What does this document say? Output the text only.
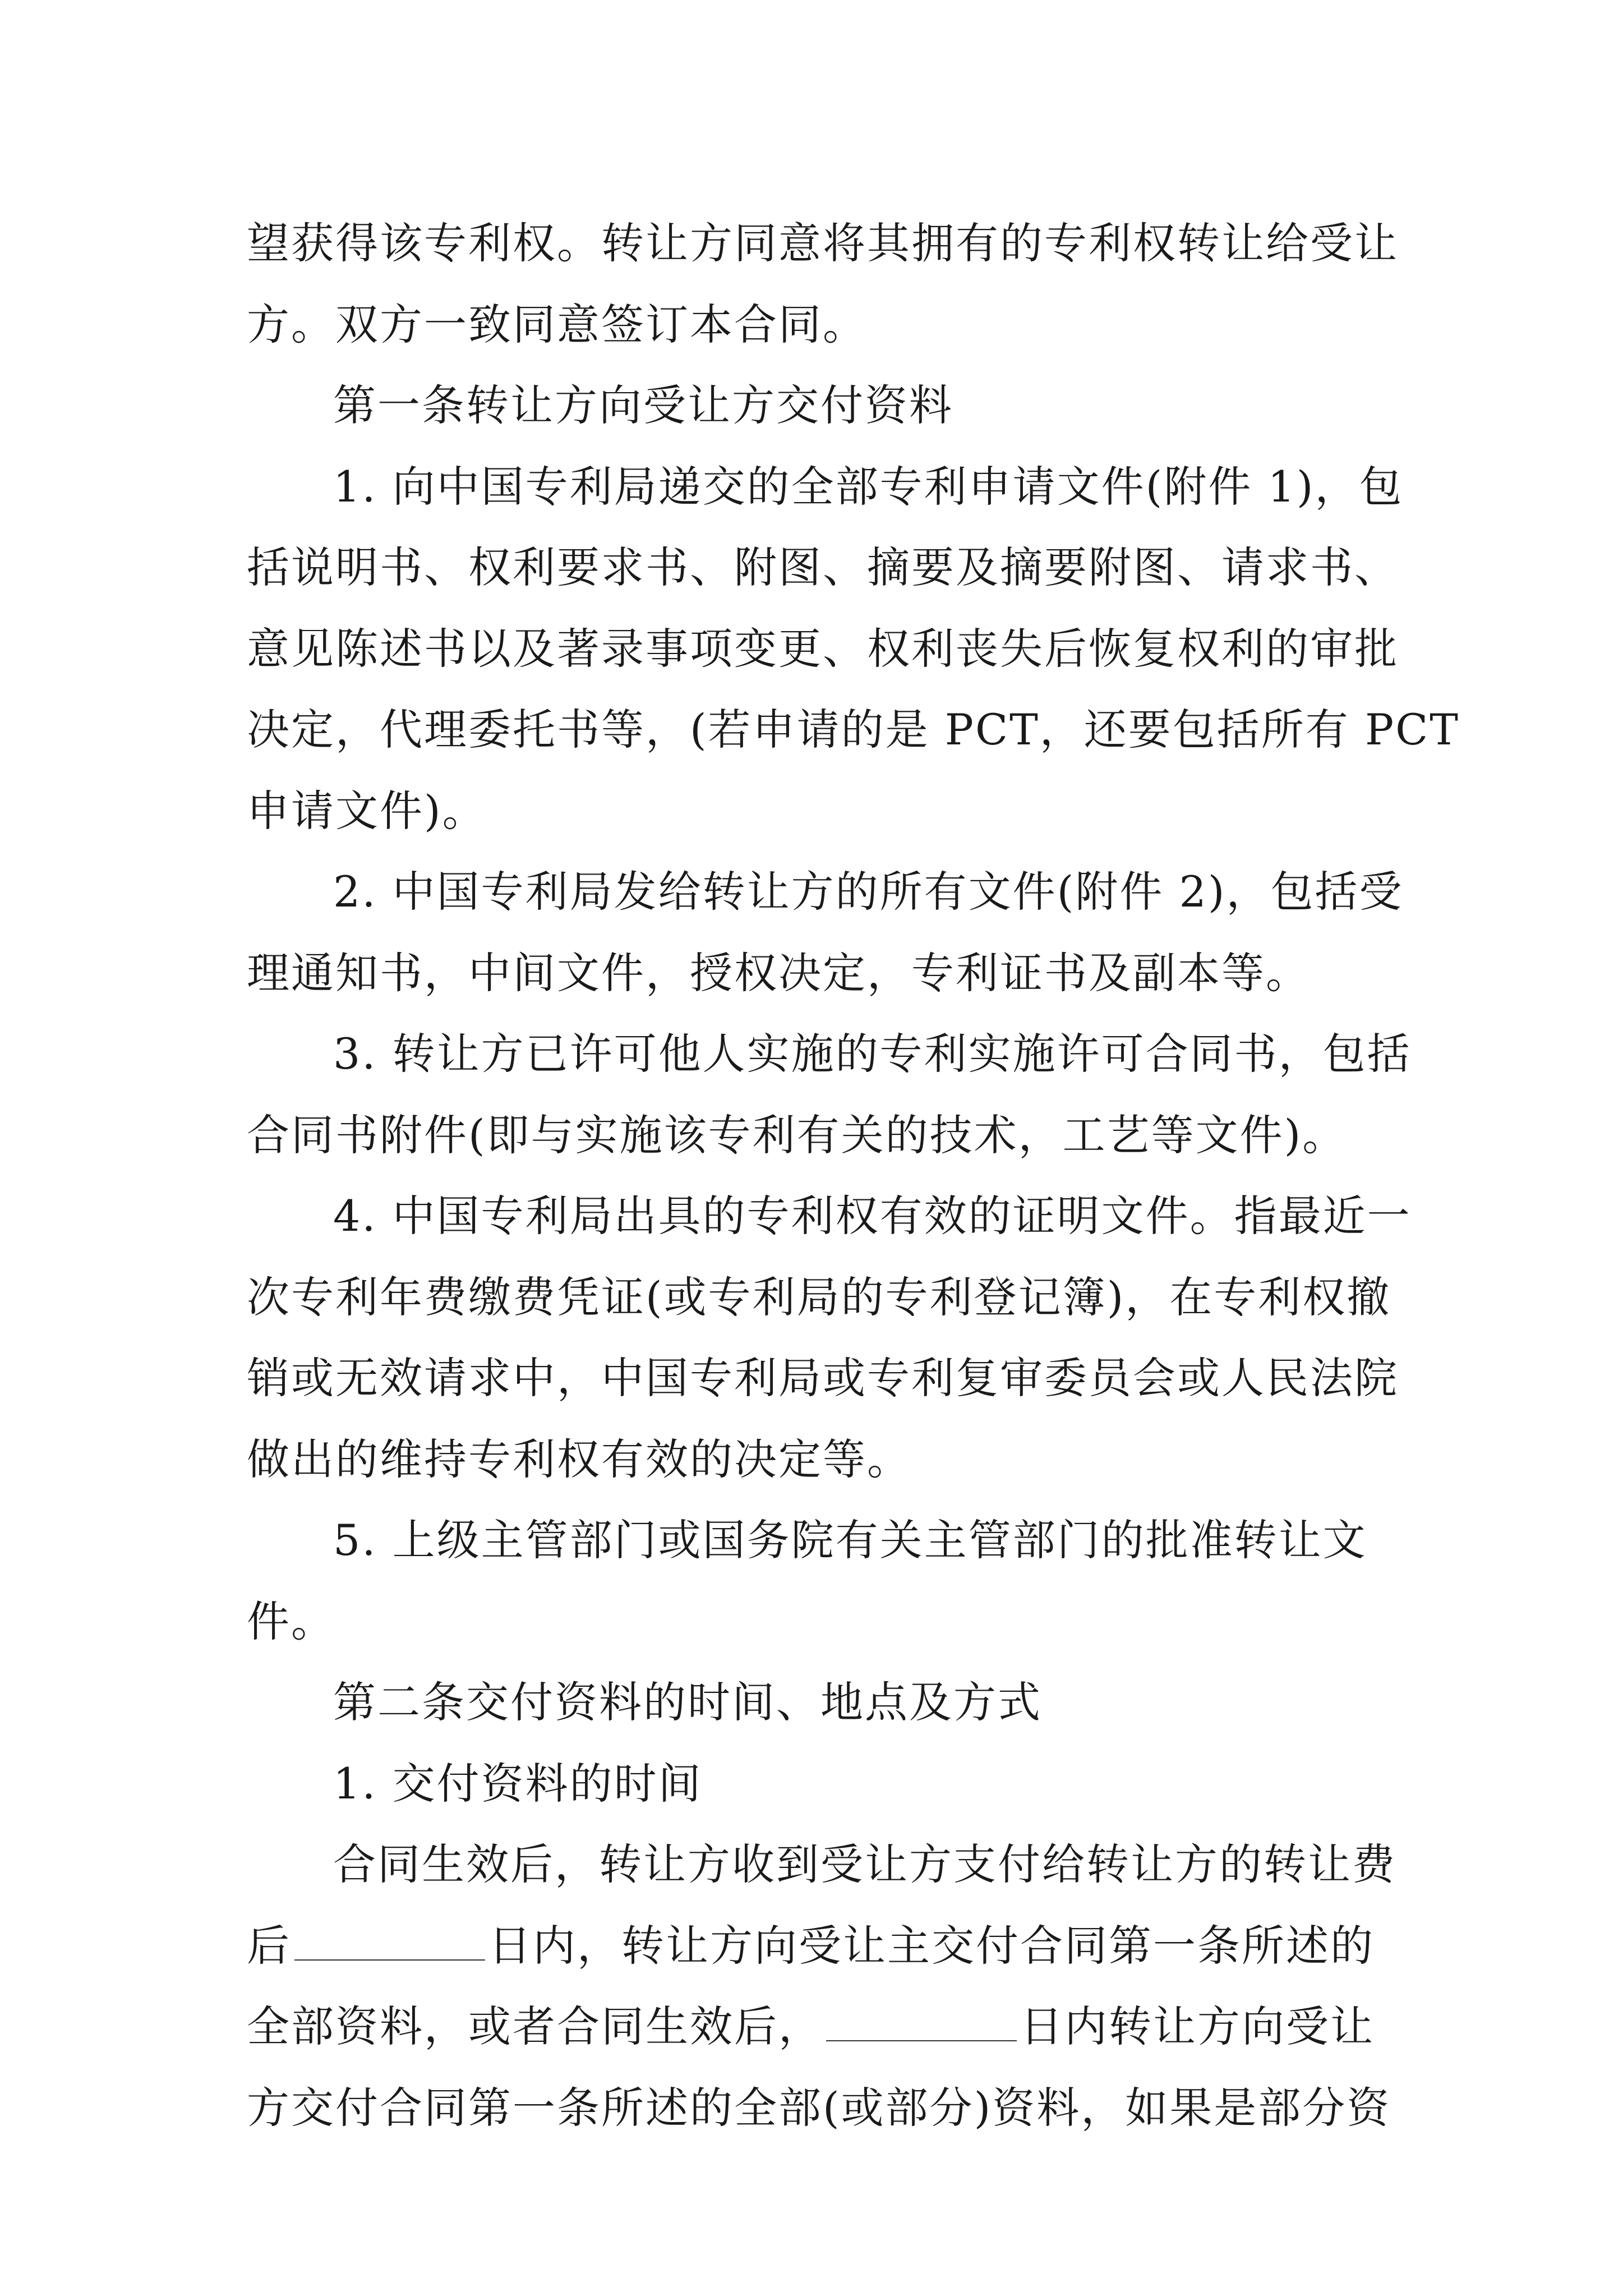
望获得该专利权。转让方同意将其拥有的专利权转让给受让
方。双方一致同意签订本合同。
第一条转让方向受让方交付资料
1. 向中国专利局递交的全部专利申请文件(附件 1)，包
括说明书、权利要求书、附图、摘要及摘要附图、请求书、
意见陈述书以及著录事项变更、权利丧失后恢复权利的审批
决定，代理委托书等，(若申请的是 PCT，还要包括所有 PCT
申请文件)。
2. 中国专利局发给转让方的所有文件(附件 2)，包括受
理通知书，中间文件，授权决定，专利证书及副本等。
3. 转让方已许可他人实施的专利实施许可合同书，包括
合同书附件(即与实施该专利有关的技术，工艺等文件)。
4. 中国专利局出具的专利权有效的证明文件。指最近一
次专利年费缴费凭证(或专利局的专利登记簿)，在专利权撤
销或无效请求中，中国专利局或专利复审委员会或人民法院
做出的维持专利权有效的决定等。
5. 上级主管部门或国务院有关主管部门的批准转让文
件。
第二条交付资料的时间、地点及方式
1. 交付资料的时间
合同生效后，转让方收到受让方支付给转让方的转让费
后	日内，转让方向受让主交付合同第一条所述的
全部资料，或者合同生效后，	日内转让方向受让
方交付合同第一条所述的全部(或部分)资料，如果是部分资
